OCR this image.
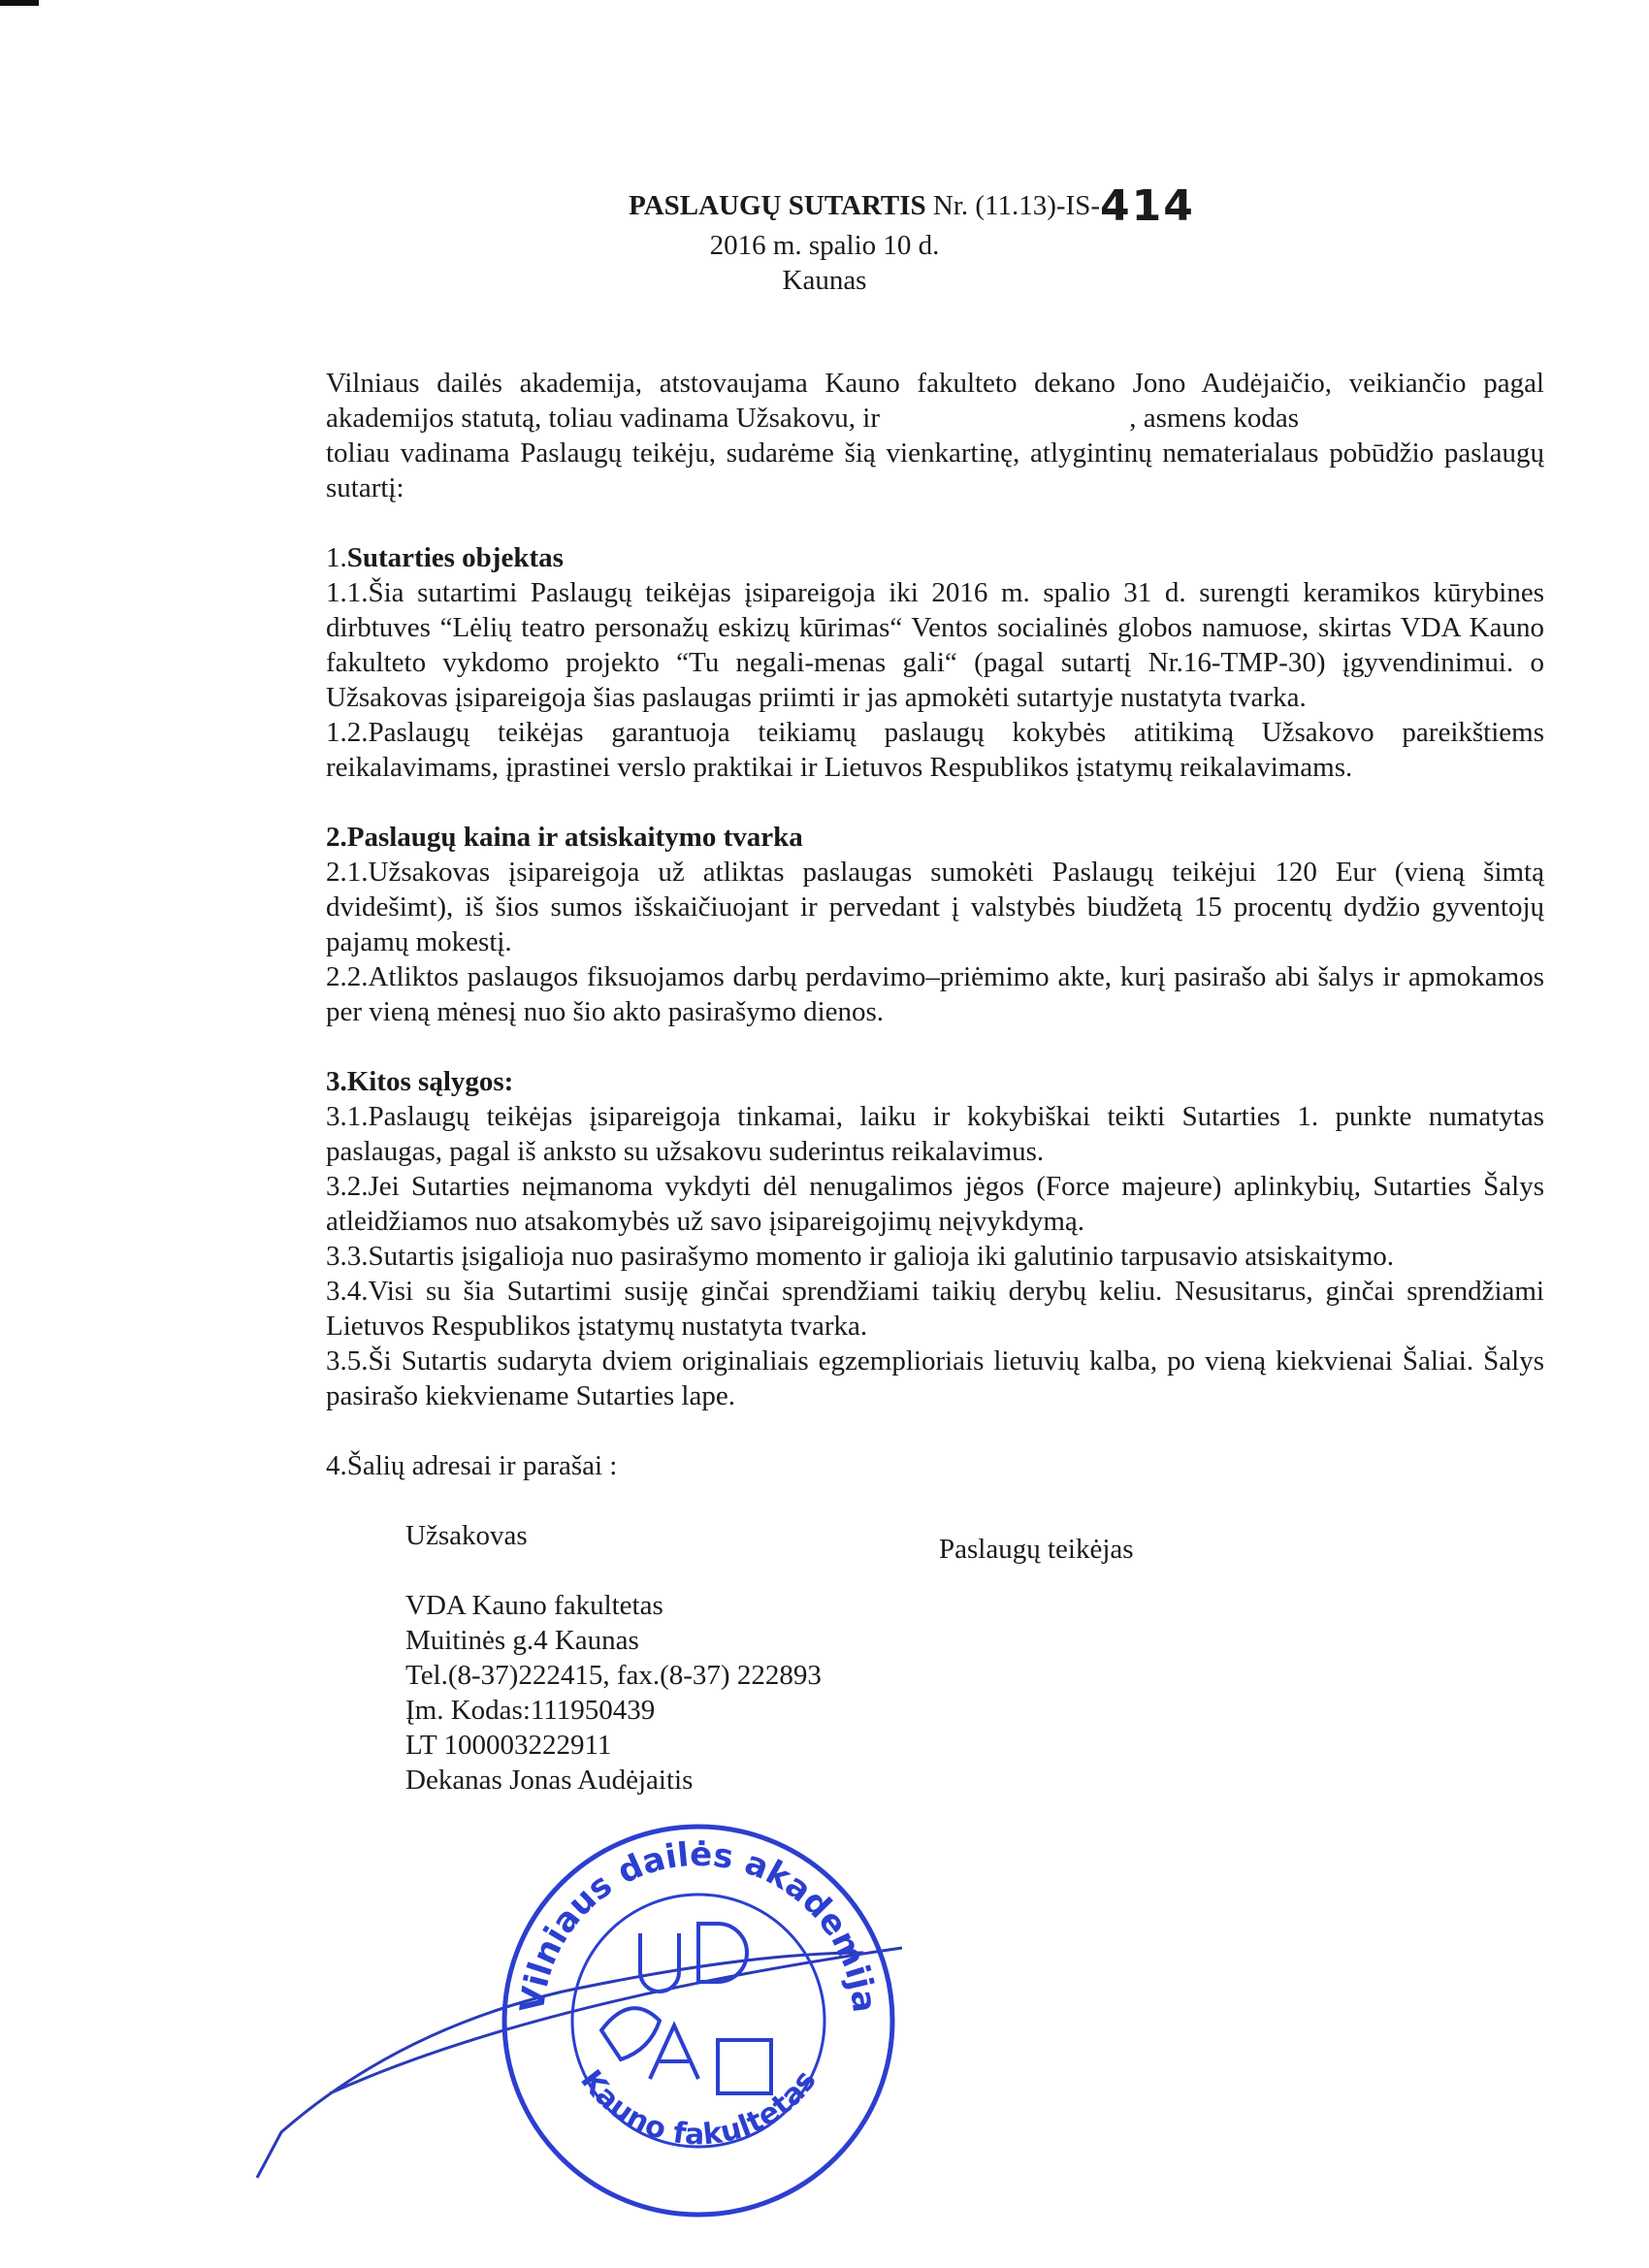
PASLAUGŲ SUTARTIS Nr. (11.13)-IS-414
2016 m. spalio 10 d.
Kaunas

Vilniaus dailės akademija, atstovaujama Kauno fakulteto dekano Jono Audėjaičio, veikiančio pagal akademijos statutą, toliau vadinama Užsakovu, ir	, asmens kodas
toliau vadinama Paslaugų teikėju, sudarėme šią vienkartinę, atlygintinų nematerialaus pobūdžio paslaugų sutartį:

1.Sutarties objektas

1.1.Šia sutartimi Paslaugų teikėjas įsipareigoja iki 2016 m. spalio 31 d. surengti keramikos kūrybines dirbtuves “Lėlių teatro personažų eskizų kūrimas“ Ventos socialinės globos namuose, skirtas VDA Kauno fakulteto vykdomo projekto “Tu negali-menas gali“ (pagal sutartį Nr.16-TMP-30) įgyvendinimui. o Užsakovas įsipareigoja šias paslaugas priimti ir jas apmokėti sutartyje nustatyta tvarka.

1.2.Paslaugų teikėjas garantuoja teikiamų paslaugų kokybės atitikimą Užsakovo pareikštiems reikalavimams, įprastinei verslo praktikai ir Lietuvos Respublikos įstatymų reikalavimams.

2.Paslaugų kaina ir atsiskaitymo tvarka

2.1.Užsakovas įsipareigoja už atliktas paslaugas sumokėti Paslaugų teikėjui 120 Eur (vieną šimtą dvidešimt), iš šios sumos išskaičiuojant ir pervedant į valstybės biudžetą 15 procentų dydžio gyventojų pajamų mokestį.

2.2.Atliktos paslaugos fiksuojamos darbų perdavimo–priėmimo akte, kurį pasirašo abi šalys ir apmokamos per vieną mėnesį nuo šio akto pasirašymo dienos.

3.Kitos sąlygos:

3.1.Paslaugų teikėjas įsipareigoja tinkamai, laiku ir kokybiškai teikti Sutarties 1. punkte numatytas paslaugas, pagal iš anksto su užsakovu suderintus reikalavimus.

3.2.Jei Sutarties neįmanoma vykdyti dėl nenugalimos jėgos (Force majeure) aplinkybių, Sutarties Šalys atleidžiamos nuo atsakomybės už savo įsipareigojimų neįvykdymą.

3.3.Sutartis įsigalioja nuo pasirašymo momento ir galioja iki galutinio tarpusavio atsiskaitymo.

3.4.Visi su šia Sutartimi susiję ginčai sprendžiami taikių derybų keliu. Nesusitarus, ginčai sprendžiami Lietuvos Respublikos įstatymų nustatyta tvarka.

3.5.Ši Sutartis sudaryta dviem originaliais egzemplioriais lietuvių kalba, po vieną kiekvienai Šaliai. Šalys pasirašo kiekviename Sutarties lape.

4.Šalių adresai ir parašai :

Užsakovas
VDA Kauno fakultetas
Muitinės g.4 Kaunas
Tel.(8-37)222415, fax.(8-37) 222893
Įm. Kodas:111950439
LT 100003222911
Dekanas Jonas Audėjaitis
Paslaugų teikėjas
Vilniaus dailės akademija
Kauno fakultetas
